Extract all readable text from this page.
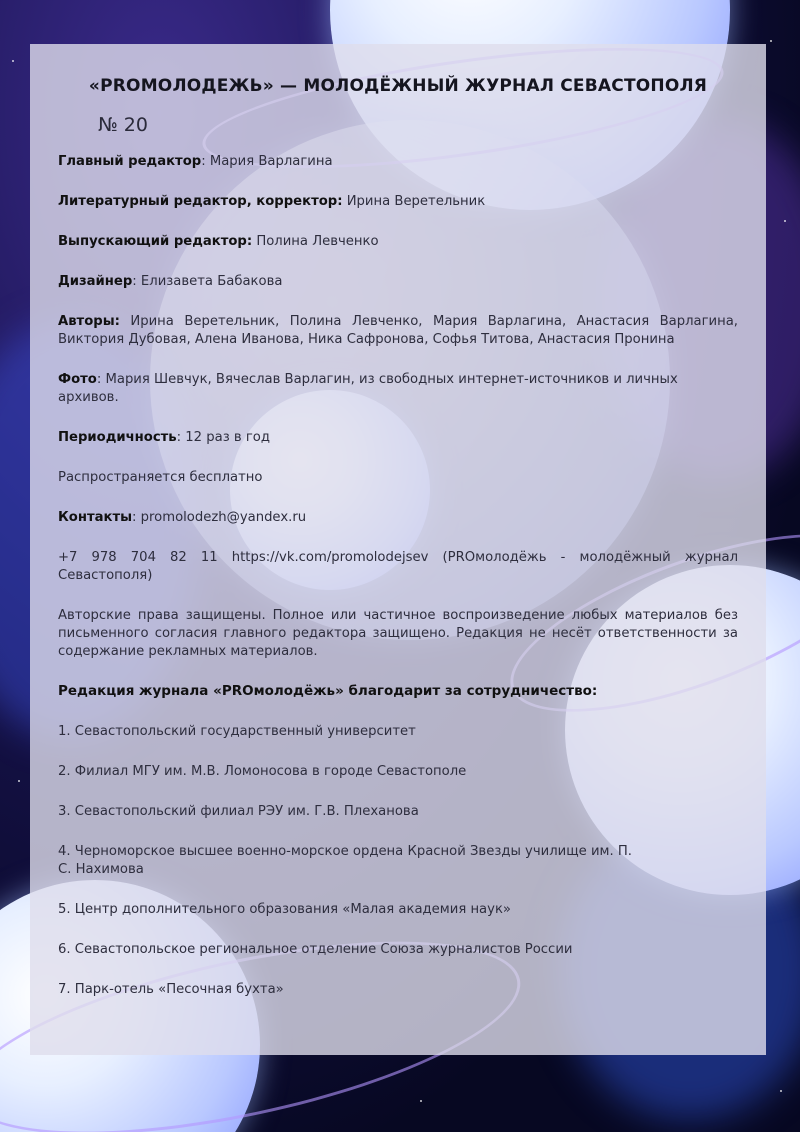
«PROМОЛОДЕЖЬ» — МОЛОДЁЖНЫЙ ЖУРНАЛ СЕВАСТОПОЛЯ
№ 20
Главный редактор: Мария Варлагина
Литературный редактор, корректор: Ирина Веретельник
Выпускающий редактор: Полина Левченко
Дизайнер: Елизавета Бабакова
Авторы: Ирина Веретельник, Полина Левченко, Мария Варлагина, Анастасия Варлагина, Виктория Дубовая, Алена Иванова, Ника Сафронова, Софья Титова, Анастасия Пронина
Фото: Мария Шевчук, Вячеслав Варлагин, из свободных интернет-источников и личных архивов.
Периодичность: 12 раз в год
Распространяется бесплатно
Контакты: promolodezh@yandex.ru
+7 978 704 82 11 https://vk.com/promolodejsev (PROмолодёжь - молодёжный журнал Севастополя)
Авторские права защищены. Полное или частичное воспроизведение любых материалов без письменного согласия главного редактора защищено. Редакция не несёт ответственности за содержание рекламных материалов.
Редакция журнала «PROмолодёжь» благодарит за сотрудничество:
1. Севастопольский государственный университет
2. Филиал МГУ им. М.В. Ломоносова в городе Севастополе
3. Севастопольский филиал РЭУ им. Г.В. Плеханова
4. Черноморское высшее военно-морское ордена Красной Звезды училище им. П. С. Нахимова
5. Центр дополнительного образования «Малая академия наук»
6. Севастопольское региональное отделение Союза журналистов России
7. Парк-отель «Песочная бухта»
